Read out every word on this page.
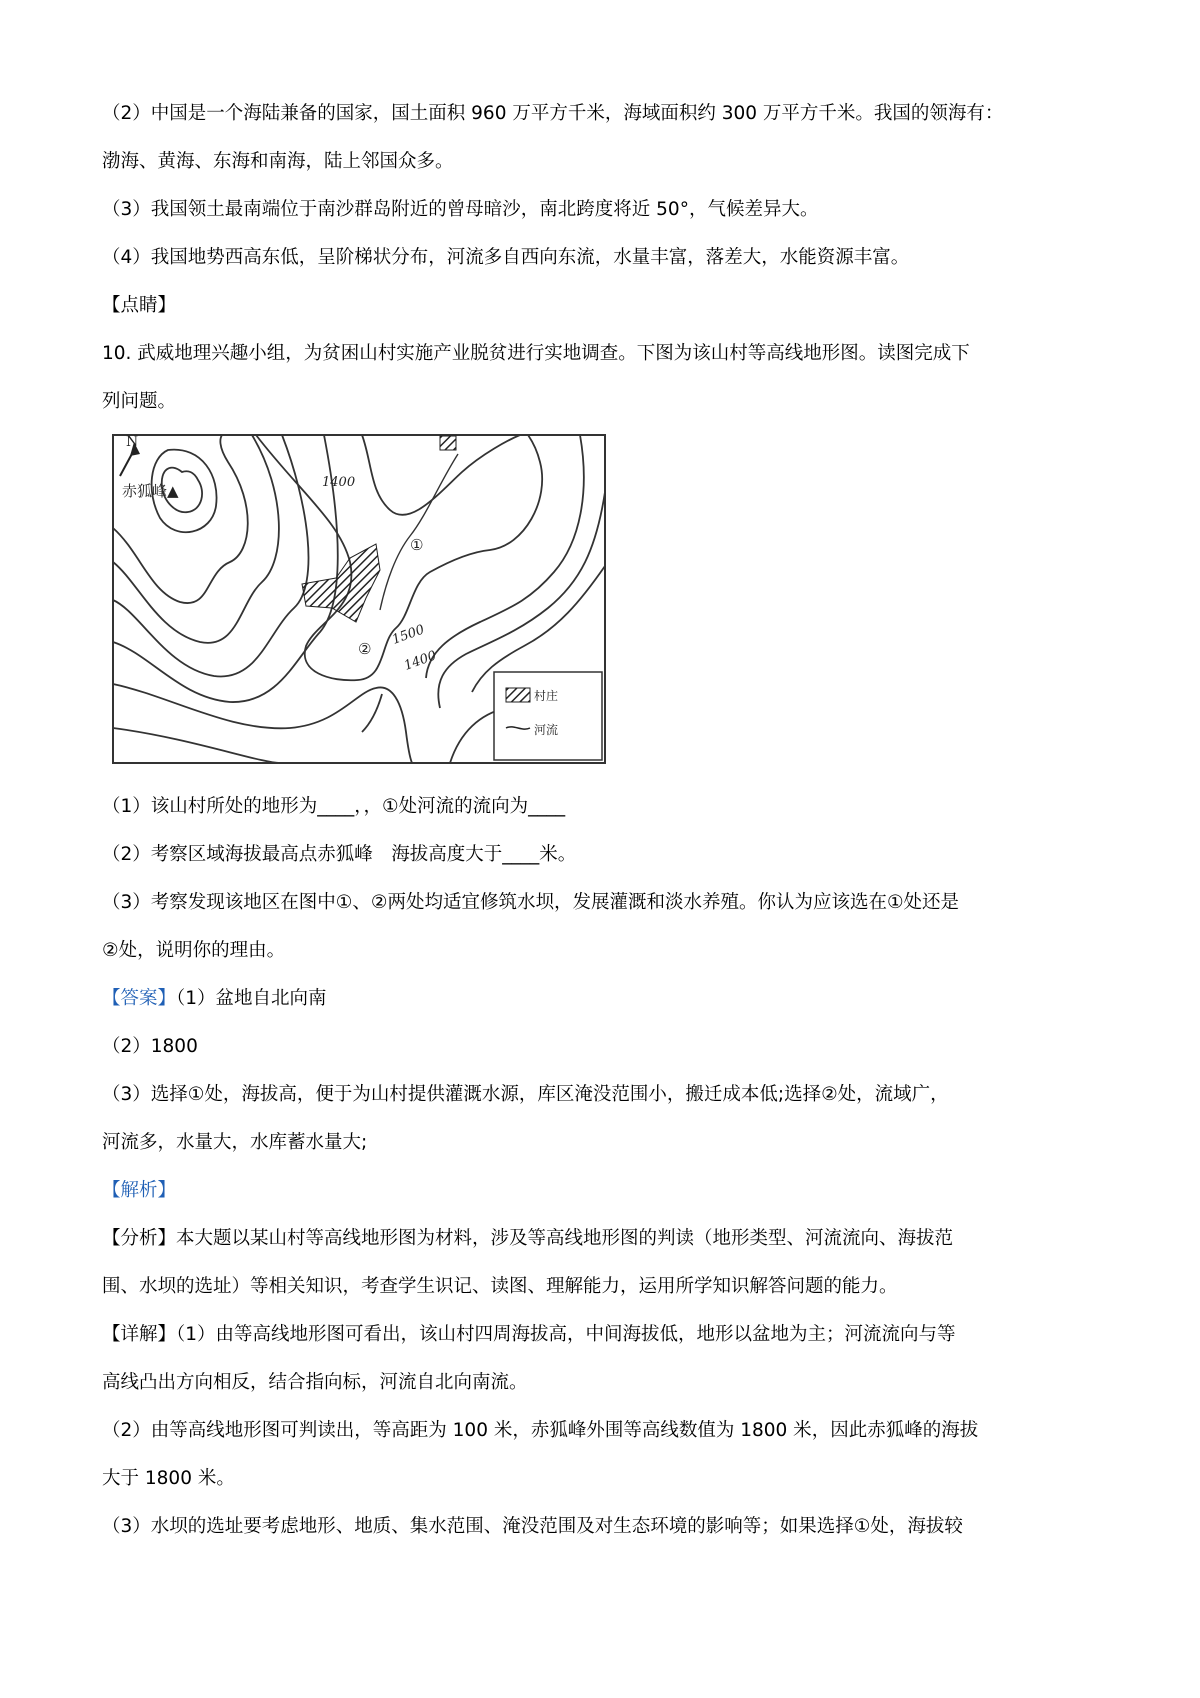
（2）中国是一个海陆兼备的国家，国土面积 960 万平方千米，海域面积约 300 万平方千米。我国的领海有：
渤海、黄海、东海和南海，陆上邻国众多。
（3）我国领土最南端位于南沙群岛附近的曾母暗沙，南北跨度将近 50°，气候差异大。
（4）我国地势西高东低，呈阶梯状分布，河流多自西向东流，水量丰富，落差大，水能资源丰富。
【点睛】
10. 武威地理兴趣小组，为贫困山村实施产业脱贫进行实地调查。下图为该山村等高线地形图。读图完成下
列问题。
N
赤狐峰▲	1400
1500
1400
①
②
村庄
河流
（1）该山村所处的地形为____，，①处河流的流向为____
（2）考察区域海拔最高点赤狐峰　海拔高度大于____米。
（3）考察发现该地区在图中①、②两处均适宜修筑水坝，发展灌溉和淡水养殖。你认为应该选在①处还是
②处，说明你的理由。
【答案】（1）盆地自北向南
（2）1800
（3）选择①处，海拔高，便于为山村提供灌溉水源，库区淹没范围小，搬迁成本低;选择②处，流域广，
河流多，水量大，水库蓄水量大;
【解析】
【分析】本大题以某山村等高线地形图为材料，涉及等高线地形图的判读（地形类型、河流流向、海拔范
围、水坝的选址）等相关知识，考查学生识记、读图、理解能力，运用所学知识解答问题的能力。
【详解】（1）由等高线地形图可看出，该山村四周海拔高，中间海拔低，地形以盆地为主；河流流向与等
高线凸出方向相反，结合指向标，河流自北向南流。
（2）由等高线地形图可判读出，等高距为 100 米，赤狐峰外围等高线数值为 1800 米，因此赤狐峰的海拔
大于 1800 米。
（3）水坝的选址要考虑地形、地质、集水范围、淹没范围及对生态环境的影响等；如果选择①处，海拔较
